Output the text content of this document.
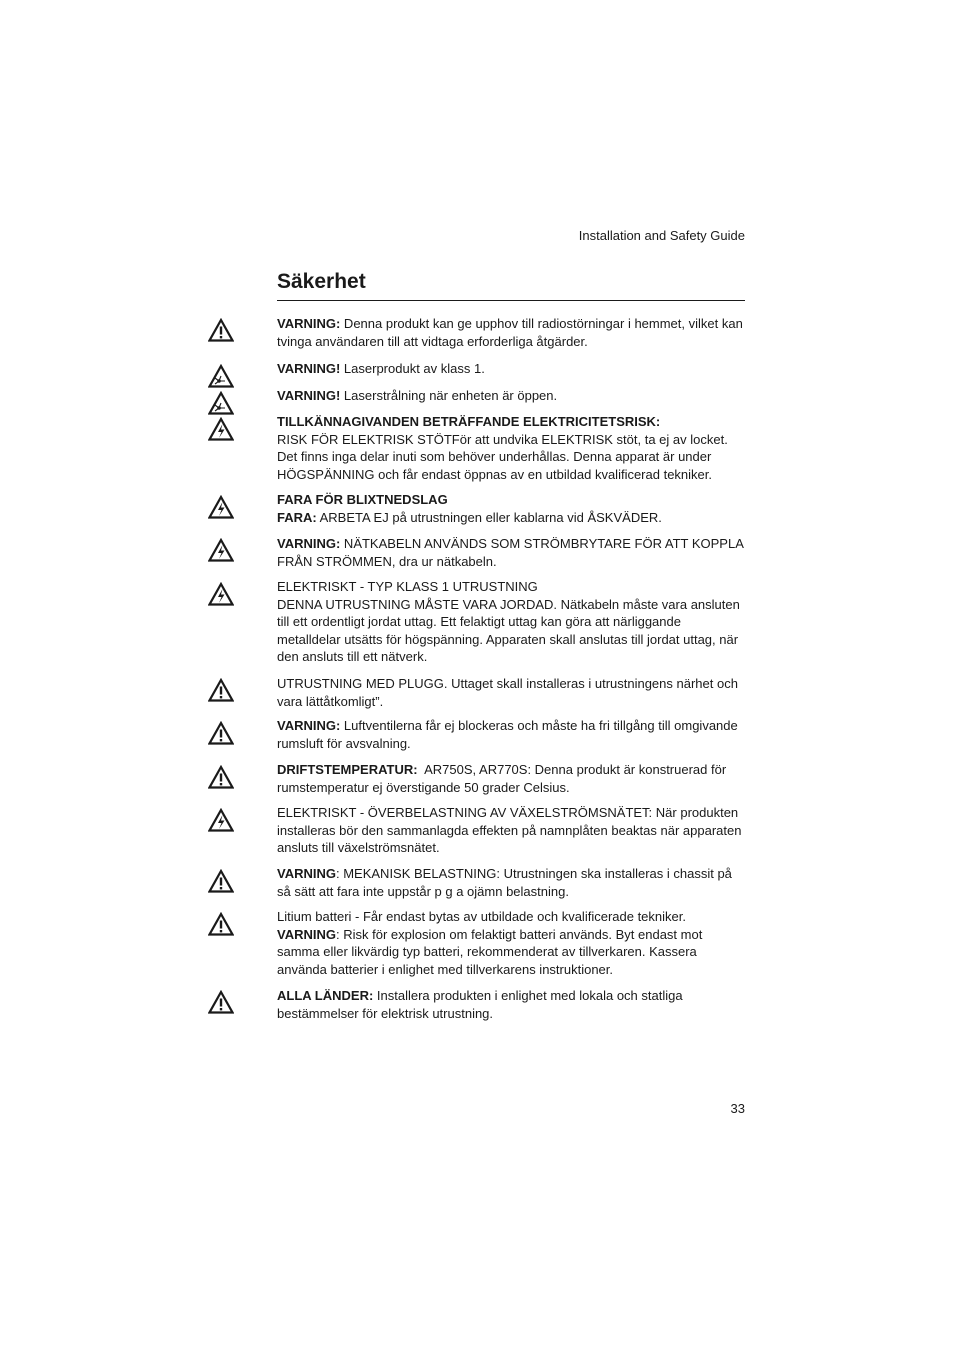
Installation and Safety Guide
Säkerhet
VARNING: Denna produkt kan ge upphov till radiostörningar i hemmet, vilket kan tvinga användaren till att vidtaga erforderliga åtgärder.
VARNING! Laserprodukt av klass 1.
VARNING! Laserstrålning när enheten är öppen.
TILLKÄNNAGIVANDEN BETRÄFFANDE ELEKTRICITETSRISK:
RISK FÖR ELEKTRISK STÖTFör att undvika ELEKTRISK stöt, ta ej av locket. Det finns inga delar inuti som behöver underhållas. Denna apparat är under HÖGSPÄNNING och får endast öppnas av en utbildad kvalificerad tekniker.
FARA FÖR BLIXTNEDSLAG
FARA: ARBETA EJ på utrustningen eller kablarna vid ÅSKVÄDER.
VARNING: NÄTKABELN ANVÄNDS SOM STRÖMBRYTARE FÖR ATT KOPPLA FRÅN STRÖMMEN, dra ur nätkabeln.
ELEKTRISKT - TYP KLASS 1 UTRUSTNING
DENNA UTRUSTNING MÅSTE VARA JORDAD. Nätkabeln måste vara ansluten till ett ordentligt jordat uttag. Ett felaktigt uttag kan göra att närliggande metalldelar utsätts för högspänning. Apparaten skall anslutas till jordat uttag, när den ansluts till ett nätverk.
UTRUSTNING MED PLUGG. Uttaget skall installeras i utrustningens närhet och vara lättåtkomligt”.
VARNING: Luftventilerna får ej blockeras och måste ha fri tillgång till omgivande rumsluft för avsvalning.
DRIFTSTEMPERATUR:  AR750S, AR770S: Denna produkt är konstruerad för rumstemperatur ej överstigande 50 grader Celsius.
ELEKTRISKT - ÖVERBELASTNING AV VÄXELSTRÖMSNÄTET: När produkten installeras bör den sammanlagda effekten på namnplåten beaktas när apparaten ansluts till växelströmsnätet.
VARNING: MEKANISK BELASTNING: Utrustningen ska installeras i chassit på så sätt att fara inte uppstår p g a ojämn belastning.
Litium batteri - Får endast bytas av utbildade och kvalificerade tekniker.
VARNING: Risk för explosion om felaktigt batteri används. Byt endast mot samma eller likvärdig typ batteri, rekommenderat av tillverkaren. Kassera använda batterier i enlighet med tillverkarens instruktioner.
ALLA LÄNDER: Installera produkten i enlighet med lokala och statliga bestämmelser för elektrisk utrustning.
33
